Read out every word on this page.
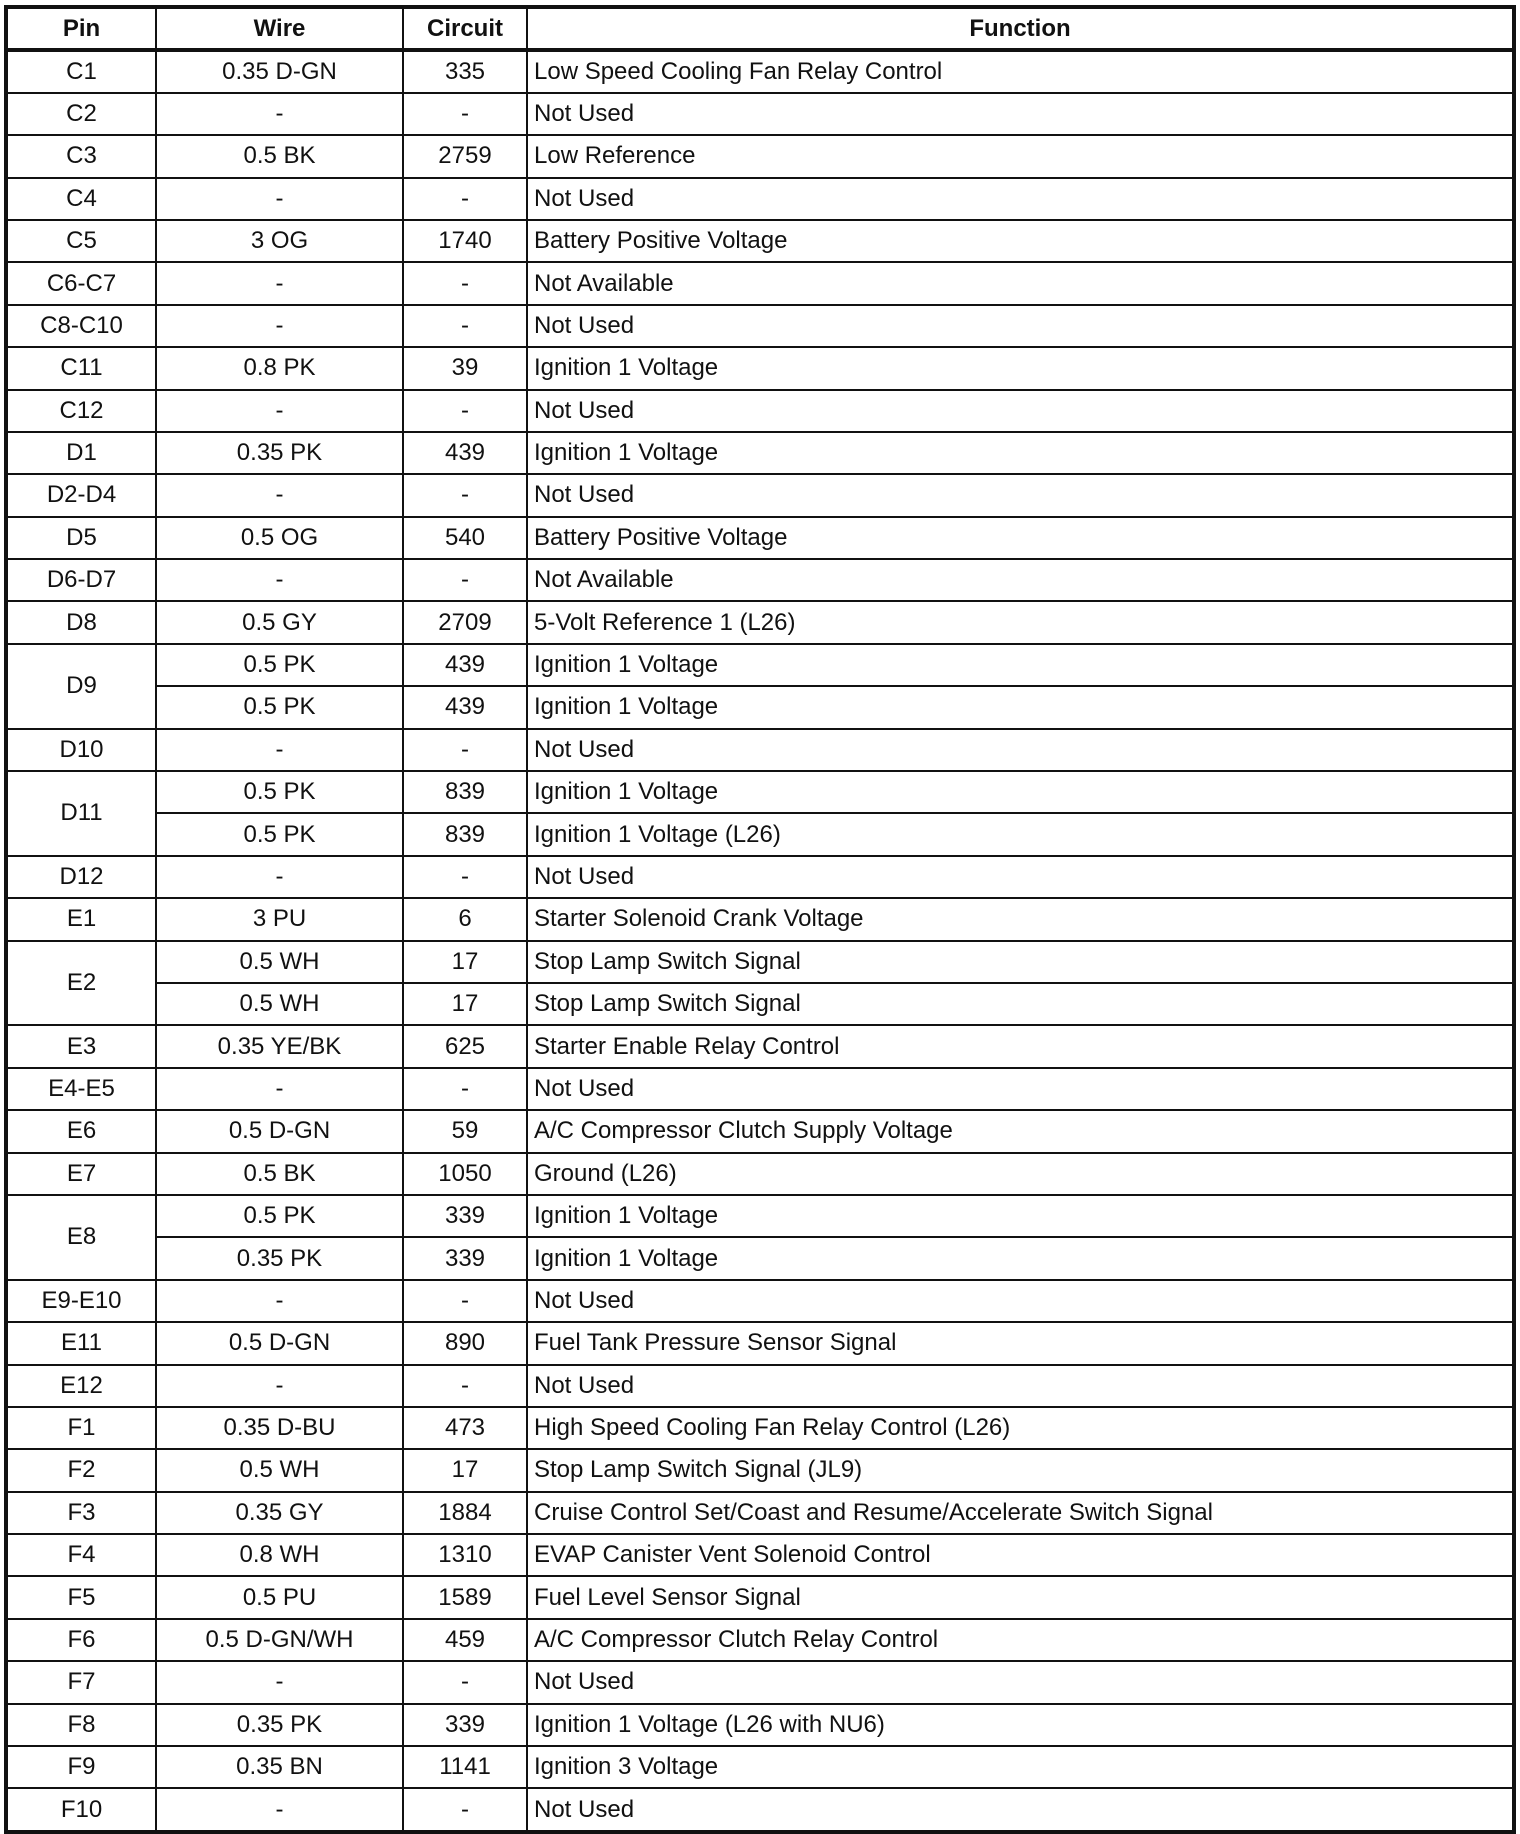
Pin	Wire	Circuit	Function
C1	0.35 D-GN	335	Low Speed Cooling Fan Relay Control
C2	-	-	Not Used
C3	0.5 BK	2759	Low Reference
C4	-	-	Not Used
C5	3 OG	1740	Battery Positive Voltage
C6-C7	-	-	Not Available
C8-C10	-	-	Not Used
C11	0.8 PK	39	Ignition 1 Voltage
C12	-	-	Not Used
D1	0.35 PK	439	Ignition 1 Voltage
D2-D4	-	-	Not Used
D5	0.5 OG	540	Battery Positive Voltage
D6-D7	-	-	Not Available
D8	0.5 GY	2709	5-Volt Reference 1 (L26)
D9	0.5 PK	439	Ignition 1 Voltage
	0.5 PK	439	Ignition 1 Voltage
D10	-	-	Not Used
D11	0.5 PK	839	Ignition 1 Voltage
	0.5 PK	839	Ignition 1 Voltage (L26)
D12	-	-	Not Used
E1	3 PU	6	Starter Solenoid Crank Voltage
E2	0.5 WH	17	Stop Lamp Switch Signal
	0.5 WH	17	Stop Lamp Switch Signal
E3	0.35 YE/BK	625	Starter Enable Relay Control
E4-E5	-	-	Not Used
E6	0.5 D-GN	59	A/C Compressor Clutch Supply Voltage
E7	0.5 BK	1050	Ground (L26)
E8	0.5 PK	339	Ignition 1 Voltage
	0.35 PK	339	Ignition 1 Voltage
E9-E10	-	-	Not Used
E11	0.5 D-GN	890	Fuel Tank Pressure Sensor Signal
E12	-	-	Not Used
F1	0.35 D-BU	473	High Speed Cooling Fan Relay Control (L26)
F2	0.5 WH	17	Stop Lamp Switch Signal (JL9)
F3	0.35 GY	1884	Cruise Control Set/Coast and Resume/Accelerate Switch Signal
F4	0.8 WH	1310	EVAP Canister Vent Solenoid Control
F5	0.5 PU	1589	Fuel Level Sensor Signal
F6	0.5 D-GN/WH	459	A/C Compressor Clutch Relay Control
F7	-	-	Not Used
F8	0.35 PK	339	Ignition 1 Voltage (L26 with NU6)
F9	0.35 BN	1141	Ignition 3 Voltage
F10	-	-	Not Used
